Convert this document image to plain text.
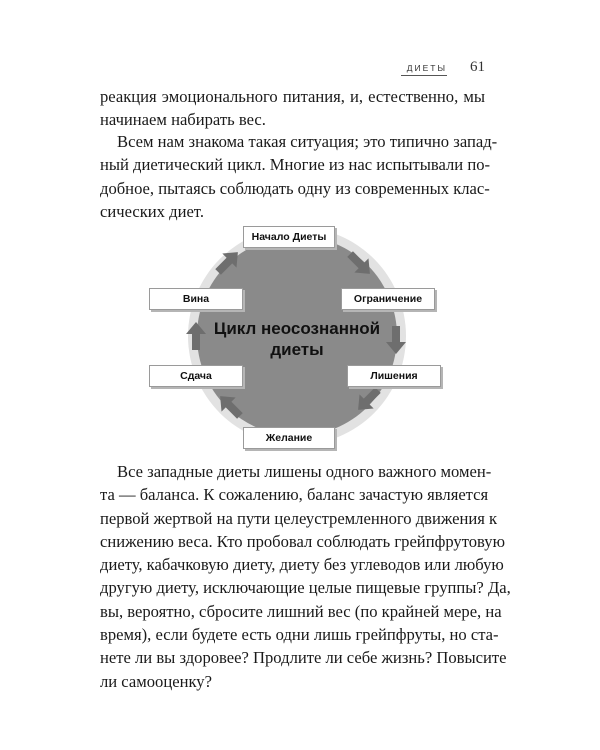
ДИЕТЫ 61

реакция эмоционального питания, и, естественно, мы
начинаем набирать вес.

Всем нам знакома такая ситуация; это типично запад-
ный диетический цикл. Многие из нас испытывали по-
добное, пытаясь соблюдать одну из современных клас-
сических диет.

Цикл неосознанной
диеты
Начало Диеты
Вина	Ограничение
Лишения
Сдача
Желание

Все западные диеты лишены одного важного момен-
та — баланса. К сожалению, баланс зачастую является
первой жертвой на пути целеустремленного движения к
снижению веса. Кто пробовал соблюдать грейпфрутовую
диету, кабачковую диету, диету без углеводов или любую
другую диету, исключающие целые пищевые группы? Да,
вы, вероятно, сбросите лишний вес (по крайней мере, на
время), если будете есть одни лишь грейпфруты, но ста-
нете ли вы здоровее? Продлите ли себе жизнь? Повысите
ли самооценку?
